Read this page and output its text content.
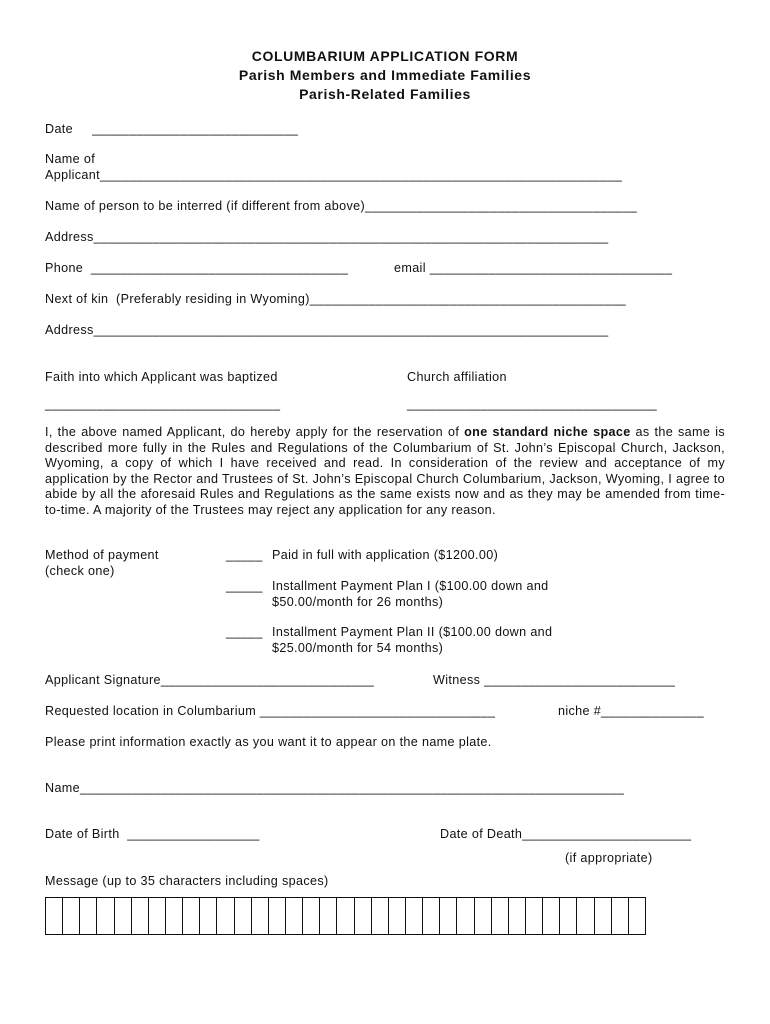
COLUMBARIUM APPLICATION FORM
Parish Members and Immediate Families
Parish-Related Families
Date     ____________________________
Name of
Applicant_______________________________________________________________________
Name of person to be interred (if different from above)_____________________________________
Address______________________________________________________________________
Phone  ___________________________________	email _________________________________
Next of kin  (Preferably residing in Wyoming)___________________________________________
Address______________________________________________________________________
Faith into which Applicant was baptized	Church affiliation
________________________________	__________________________________
I, the above named Applicant, do hereby apply for the reservation of one standard niche space as the same is described more fully in the Rules and Regulations of the Columbarium of St. John’s Episcopal Church, Jackson, Wyoming, a copy of which I have received and read. In consideration of the review and acceptance of my application by the Rector and Trustees of St. John’s Episcopal Church Columbarium, Jackson, Wyoming, I agree to abide by all the aforesaid Rules and Regulations as the same exists now and as they may be amended from time-to-time. A majority of the Trustees may reject any application for any reason.
Method of payment
(check one)
_____ Paid in full with application ($1200.00)
_____ Installment Payment Plan I ($100.00 down and
$50.00/month for 26 months)
_____ Installment Payment Plan II ($100.00 down and
$25.00/month for 54 months)
Applicant Signature_____________________________	Witness __________________________
Requested location in Columbarium ________________________________	niche #______________
Please print information exactly as you want it to appear on the name plate.
Name__________________________________________________________________________
Date of Birth  __________________	Date of Death_______________________
(if appropriate)
Message (up to 35 characters including spaces)
